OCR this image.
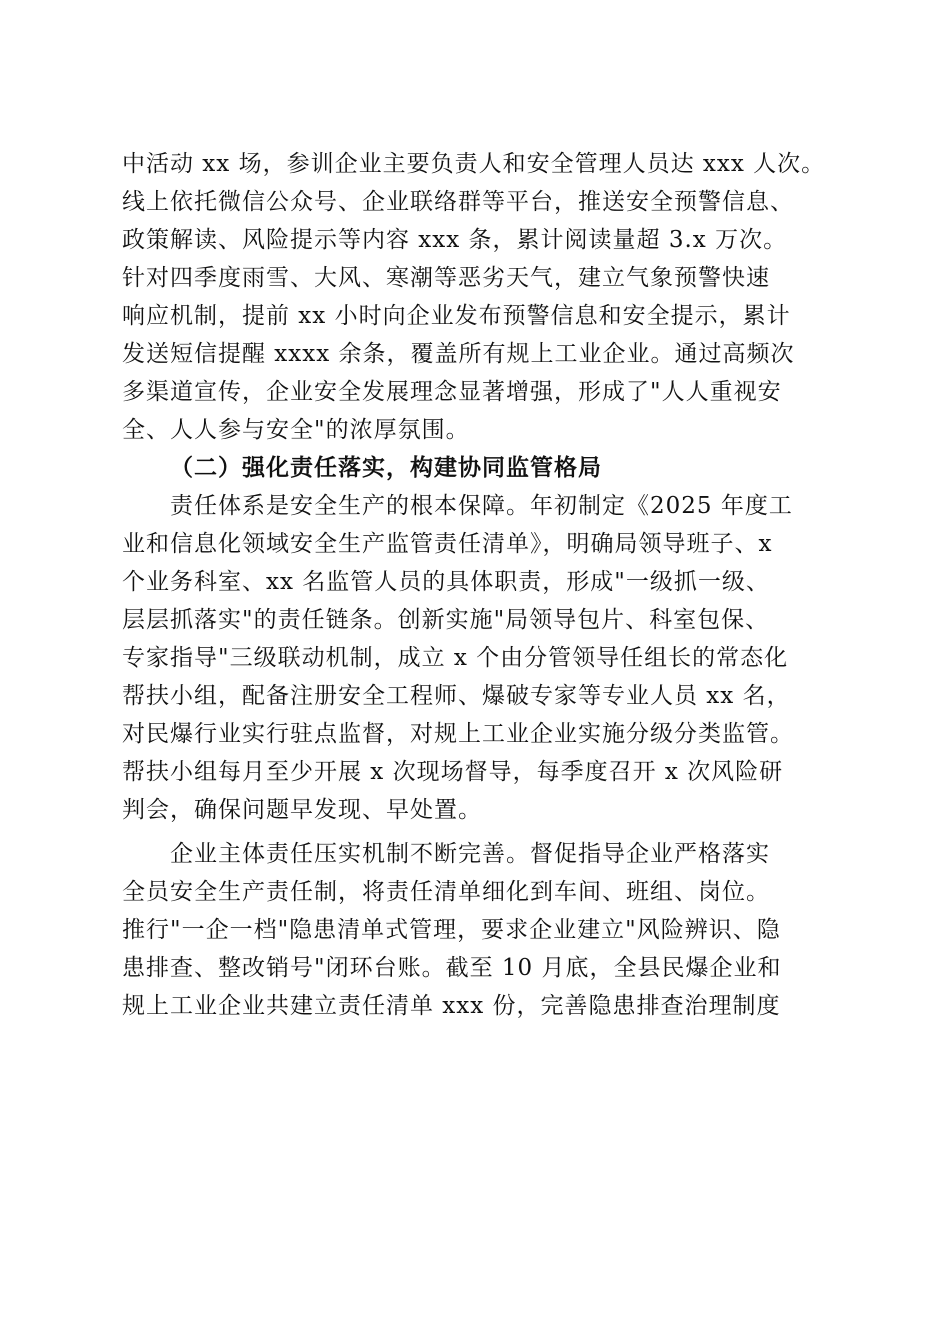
中活动 xx 场，参训企业主要负责人和安全管理人员达 xxx 人次。
线上依托微信公众号、企业联络群等平台，推送安全预警信息、
政策解读、风险提示等内容 xxx 条，累计阅读量超 3.x 万次。
针对四季度雨雪、大风、寒潮等恶劣天气，建立气象预警快速
响应机制，提前 xx 小时向企业发布预警信息和安全提示，累计
发送短信提醒 xxxx 余条，覆盖所有规上工业企业。通过高频次
多渠道宣传，企业安全发展理念显著增强，形成了"人人重视安
全、人人参与安全"的浓厚氛围。
（二）强化责任落实，构建协同监管格局
责任体系是安全生产的根本保障。年初制定《2025 年度工
业和信息化领域安全生产监管责任清单》，明确局领导班子、x
个业务科室、xx 名监管人员的具体职责，形成"一级抓一级、
层层抓落实"的责任链条。创新实施"局领导包片、科室包保、
专家指导"三级联动机制，成立 x 个由分管领导任组长的常态化
帮扶小组，配备注册安全工程师、爆破专家等专业人员 xx 名，
对民爆行业实行驻点监督，对规上工业企业实施分级分类监管。
帮扶小组每月至少开展 x 次现场督导，每季度召开 x 次风险研
判会，确保问题早发现、早处置。
企业主体责任压实机制不断完善。督促指导企业严格落实
全员安全生产责任制，将责任清单细化到车间、班组、岗位。
推行"一企一档"隐患清单式管理，要求企业建立"风险辨识、隐
患排查、整改销号"闭环台账。截至 10 月底，全县民爆企业和
规上工业企业共建立责任清单 xxx 份，完善隐患排查治理制度
